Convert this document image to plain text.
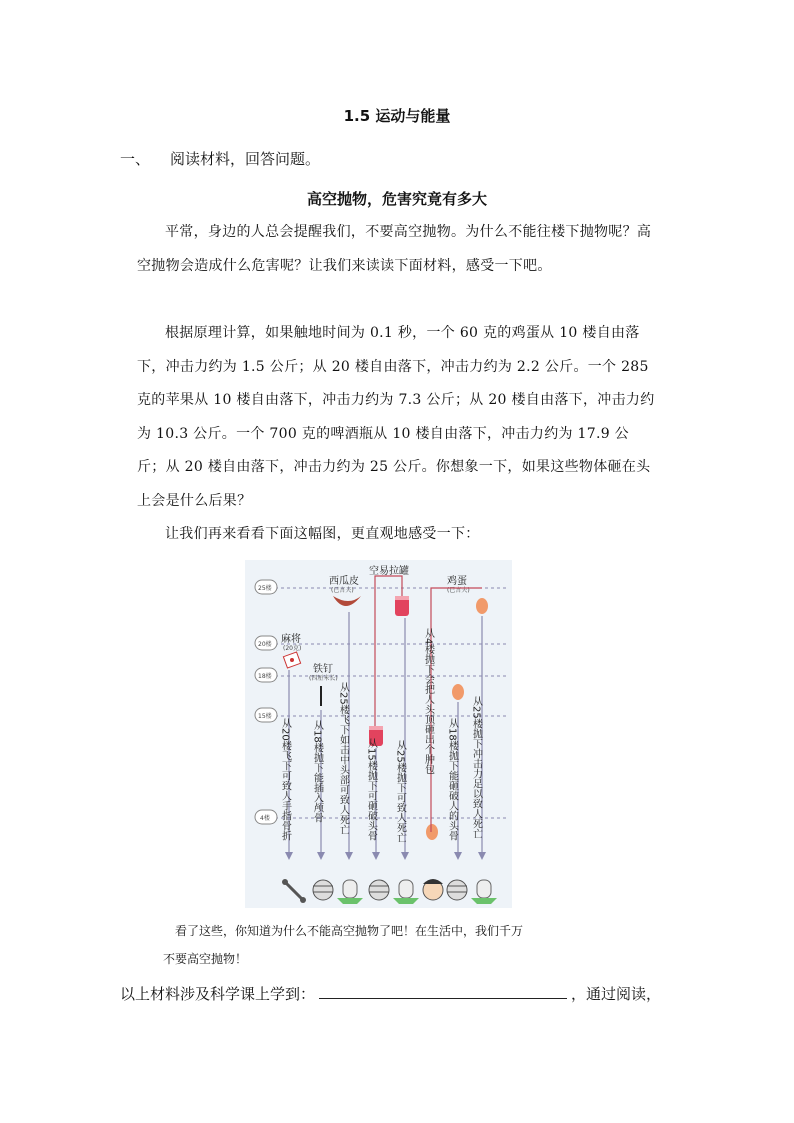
1.5 运动与能量
一、 阅读材料，回答问题。
高空抛物，危害究竟有多大
平常，身边的人总会提醒我们，不要高空抛物。为什么不能往楼下抛物呢？高空抛物会造成什么危害呢？让我们来读读下面材料，感受一下吧。
根据原理计算，如果触地时间为 0.1 秒，一个 60 克的鸡蛋从 10 楼自由落下，冲击力约为 1.5 公斤；从 20 楼自由落下，冲击力约为 2.2 公斤。一个 285 克的苹果从 10 楼自由落下，冲击力约为 7.3 公斤；从 20 楼自由落下，冲击力约为 10.3 公斤。一个 700 克的啤酒瓶从 10 楼自由落下，冲击力约为 17.9 公斤；从 20 楼自由落下，冲击力约为 25 公斤。你想象一下，如果这些物体砸在头上会是什么后果？
让我们再来看看下面这幅图，更直观地感受一下：
25楼
20楼
18楼
15楼
4楼
西瓜皮
(已言夫)
空易拉罐
鸡蛋
(已言夫)
麻将
(20克)
铁钉
(四厘米长)
从20楼飞下可致人手指骨折 从18楼抛下能插入颅骨 从25楼飞下如击中头部可致人死亡 从15楼抛下可砸破头骨 从25楼抛下可致人死亡
从4楼抛下会把人头顶砸出个肿包
从18楼抛下能砸破人的头骨 从25楼抛下冲击力足以致人死亡
看了这些，你知道为什么不能高空抛物了吧！在生活中，我们千万
不要高空抛物！
以上材料涉及科学课上学到：	，通过阅读，
